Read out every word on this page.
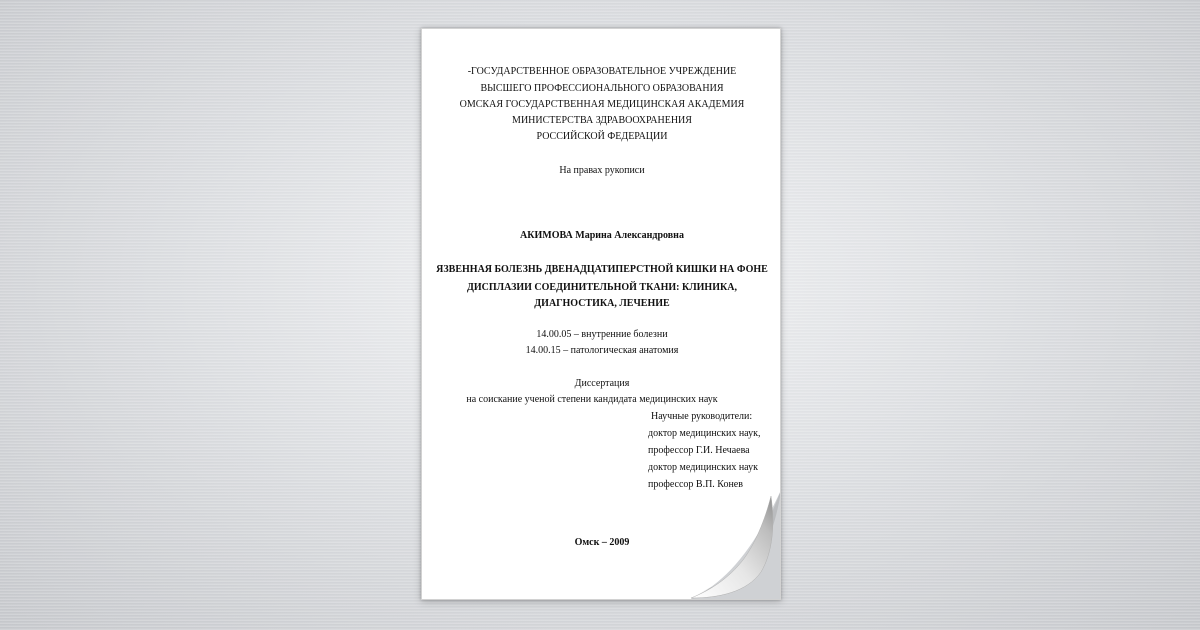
-ГОСУДАРСТВЕННОЕ ОБРАЗОВАТЕЛЬНОЕ УЧРЕЖДЕНИЕ
ВЫСШЕГО ПРОФЕССИОНАЛЬНОГО ОБРАЗОВАНИЯ
ОМСКАЯ ГОСУДАРСТВЕННАЯ МЕДИЦИНСКАЯ АКАДЕМИЯ
МИНИСТЕРСТВА ЗДРАВООХРАНЕНИЯ
РОССИЙСКОЙ ФЕДЕРАЦИИ
На правах рукописи
АКИМОВА Марина Александровна
ЯЗВЕННАЯ БОЛЕЗНЬ ДВЕНАДЦАТИПЕРСТНОЙ КИШКИ НА ФОНЕ
ДИСПЛАЗИИ СОЕДИНИТЕЛЬНОЙ ТКАНИ: КЛИНИКА,
ДИАГНОСТИКА, ЛЕЧЕНИЕ
14.00.05 – внутренние болезни
14.00.15 – патологическая анатомия
Диссертация
на соискание ученой степени кандидата медицинских наук
Научные руководители:
доктор медицинских наук,
профессор Г.И. Нечаева
доктор медицинских наук
профессор В.П. Конев
Омск – 2009
